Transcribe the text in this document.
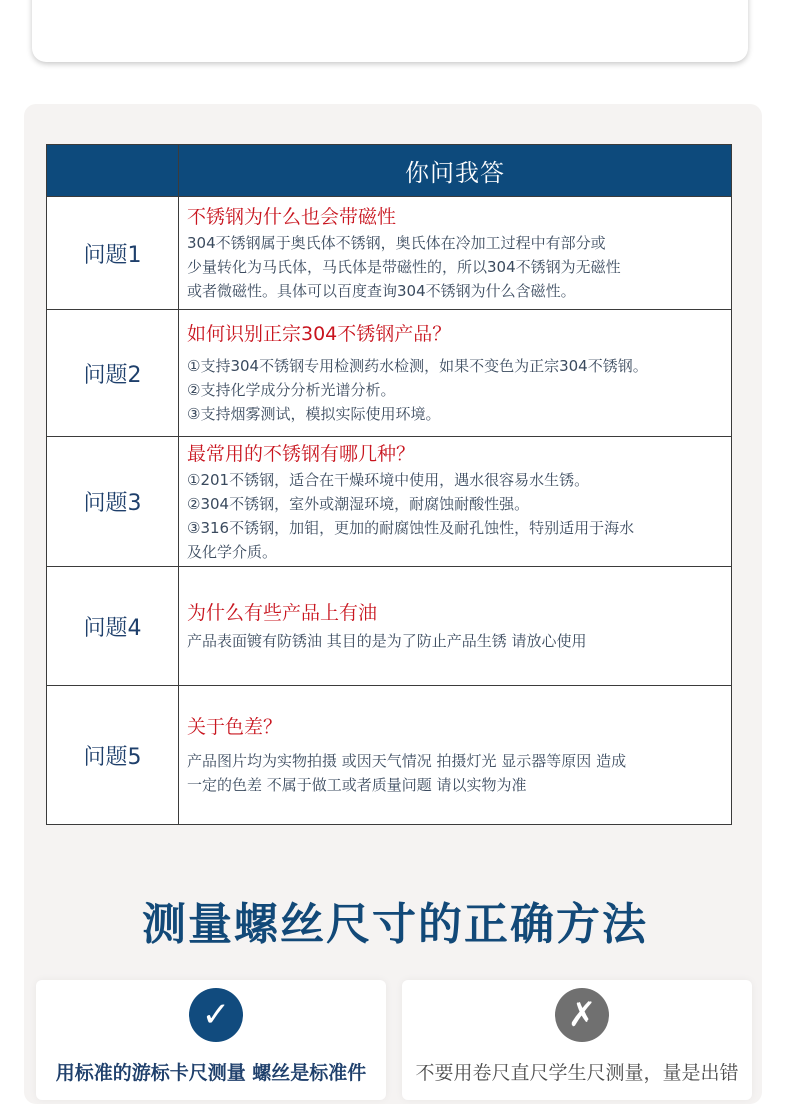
	你问我答
问题1	不锈钢为什么也会带磁性
304不锈钢属于奥氏体不锈钢，奥氏体在冷加工过程中有部分或
少量转化为马氏体，马氏体是带磁性的，所以304不锈钢为无磁性
或者微磁性。具体可以百度查询304不锈钢为什么含磁性。

问题2	如何识别正宗304不锈钢产品？
①支持304不锈钢专用检测药水检测，如果不变色为正宗304不锈钢。
②支持化学成分分析光谱分析。
③支持烟雾测试，模拟实际使用环境。

问题3	最常用的不锈钢有哪几种？
①201不锈钢，适合在干燥环境中使用，遇水很容易水生锈。
②304不锈钢，室外或潮湿环境，耐腐蚀耐酸性强。
③316不锈钢，加钼，更加的耐腐蚀性及耐孔蚀性，特别适用于海水
及化学介质。

问题4	为什么有些产品上有油
产品表面镀有防锈油 其目的是为了防止产品生锈 请放心使用

问题5	关于色差？
产品图片均为实物拍摄 或因天气情况 拍摄灯光 显示器等原因 造成
一定的色差 不属于做工或者质量问题 请以实物为准
测量螺丝尺寸的正确方法
✓
用标准的游标卡尺测量 螺丝是标准件
✗
不要用卷尺直尺学生尺测量，量是出错
